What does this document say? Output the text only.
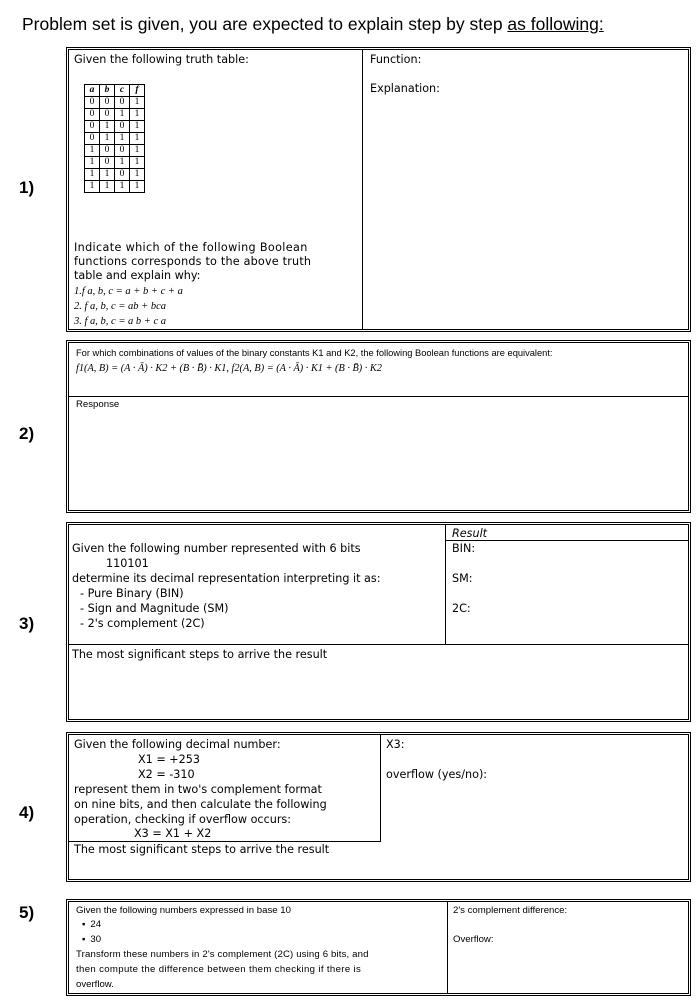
Problem set is given, you are expected to explain step by step as following:
1)
Given the following truth table:	Function:
Explanation:
a	b	c	f
0	0	0	1
0	0	1	1
0	1	0	1
0	1	1	1
1	0	0	1
1	0	1	1
1	1	0	1
1	1	1	1
Indicate which of the following Boolean
functions corresponds to the above truth
table and explain why:
1.f a, b, c = a + b + c + a
2. f a, b, c = ab + bca
3. f a, b, c = a b + c a
2)
For which combinations of values of the binary constants K1 and K2, the following Boolean functions are equivalent:
f1(A, B) = (A · Ā) · K2 + (B · B̄) · K1, f2(A, B) = (A · Ā) · K1 + (B · B̄) · K2
Response
3)
Result
Given the following number represented with 6 bits
110101
determine its decimal representation interpreting it as:
- Pure Binary (BIN)
- Sign and Magnitude (SM)
- 2's complement (2C)
BIN:
SM:
2C:
The most significant steps to arrive the result
4)
Given the following decimal number:
X1 = +253
X2 = -310
represent them in two's complement format
on nine bits, and then calculate the following
operation, checking if overflow occurs:
X3 = X1 + X2
X3:
overflow (yes/no):
The most significant steps to arrive the result
5)	Given the following numbers expressed in base 10
▪ 24
▪ 30
Transform these numbers in 2's complement (2C) using 6 bits, and
then compute the difference between them checking if there is
overflow.
2's complement difference:
Overflow:
